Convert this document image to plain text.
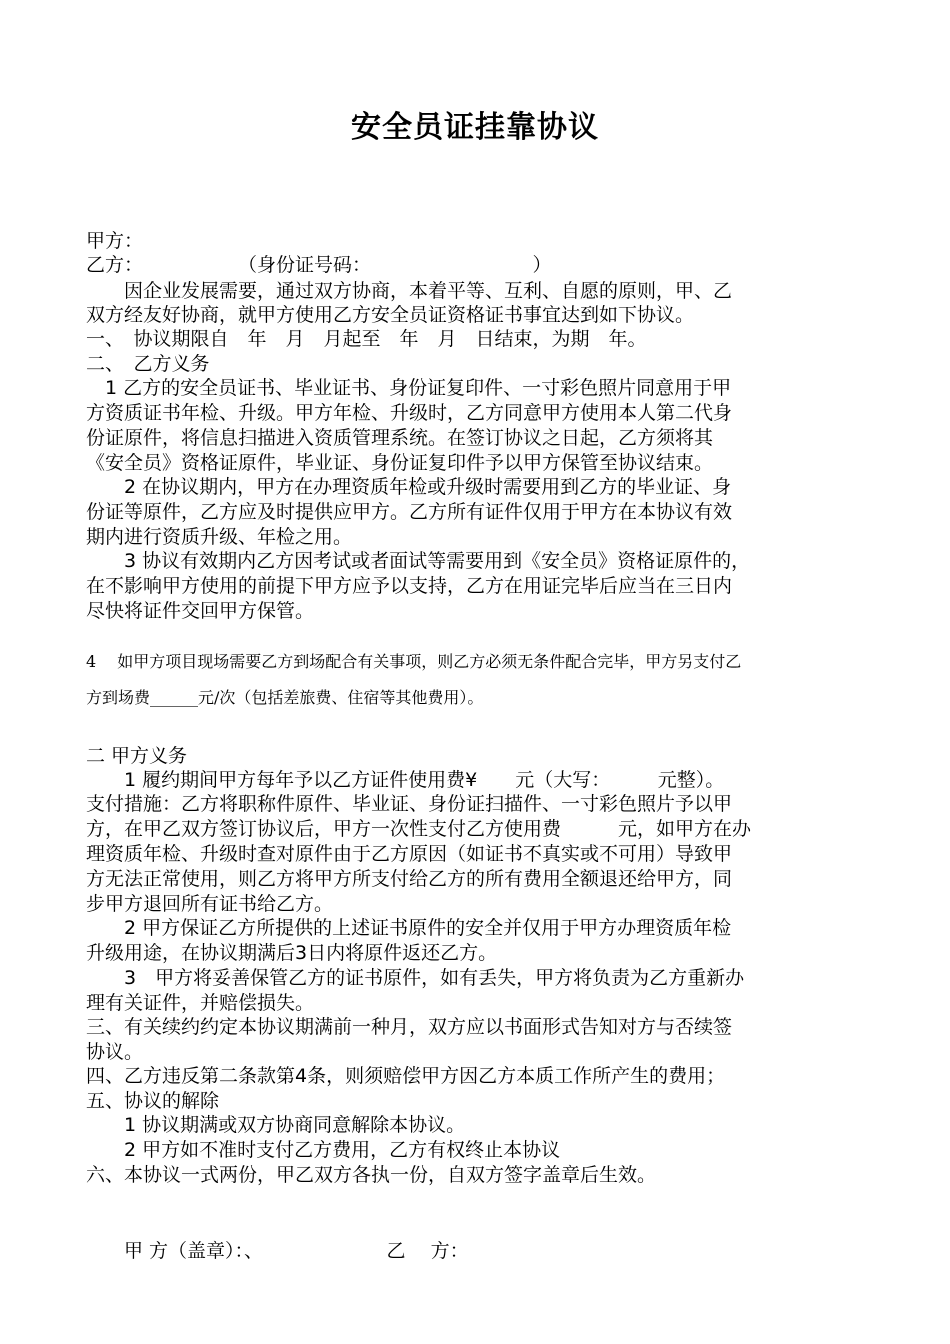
安全员证挂靠协议
甲方：
乙方：　　　　　　（身份证号码：　　　　　　　　　）
　　因企业发展需要，通过双方协商，本着平等、互利、自愿的原则，甲、乙
双方经友好协商，就甲方使用乙方安全员证资格证书事宜达到如下协议。
一、　协议期限自　年　月　月起至　年　月　日结束，为期　年。
二、　乙方义务
　1 乙方的安全员证书、毕业证书、身份证复印件、一寸彩色照片同意用于甲
方资质证书年检、升级。甲方年检、升级时，乙方同意甲方使用本人第二代身
份证原件，将信息扫描进入资质管理系统。在签订协议之日起，乙方须将其
《安全员》资格证原件，毕业证、身份证复印件予以甲方保管至协议结束。
　　2 在协议期内，甲方在办理资质年检或升级时需要用到乙方的毕业证、身
份证等原件，乙方应及时提供应甲方。乙方所有证件仅用于甲方在本协议有效
期内进行资质升级、年检之用。
　　3 协议有效期内乙方因考试或者面试等需要用到《安全员》资格证原件的，
在不影响甲方使用的前提下甲方应予以支持，乙方在用证完毕后应当在三日内
尽快将证件交回甲方保管。
4　 如甲方项目现场需要乙方到场配合有关事项，则乙方必须无条件配合完毕，甲方另支付乙
方到场费______元/次（包括差旅费、住宿等其他费用）。
二 甲方义务
　　1 履约期间甲方每年予以乙方证件使用费¥　　元（大写：　　　元整）。
支付措施：乙方将职称件原件、毕业证、身份证扫描件、一寸彩色照片予以甲
方，在甲乙双方签订协议后，甲方一次性支付乙方使用费　　　元，如甲方在办
理资质年检、升级时查对原件由于乙方原因（如证书不真实或不可用）导致甲
方无法正常使用，则乙方将甲方所支付给乙方的所有费用全额退还给甲方，同
步甲方退回所有证书给乙方。
　　2 甲方保证乙方所提供的上述证书原件的安全并仅用于甲方办理资质年检
升级用途，在协议期满后3日内将原件返还乙方。
　　3　甲方将妥善保管乙方的证书原件，如有丢失，甲方将负责为乙方重新办
理有关证件，并赔偿损失。
三、有关续约约定本协议期满前一种月，双方应以书面形式告知对方与否续签
协议。
四、乙方违反第二条款第4条，则须赔偿甲方因乙方本质工作所产生的费用；
五、协议的解除
　　1 协议期满或双方协商同意解除本协议。
　　2 甲方如不准时支付乙方费用，乙方有权终止本协议
六、本协议一式两份，甲乙双方各执一份，自双方签字盖章后生效。
　　甲 方（盖章）：、　　　　　　　乙　 方：
